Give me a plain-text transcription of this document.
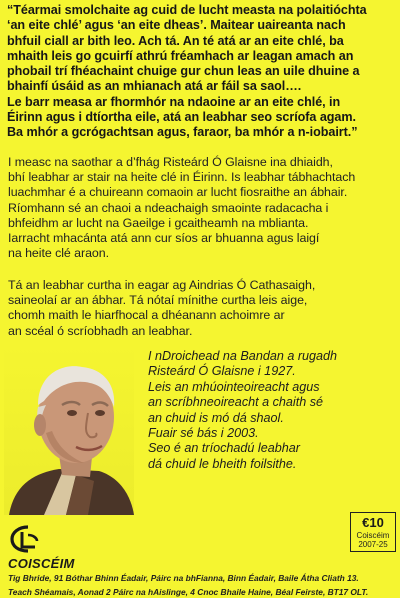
“Téarmai smolchaite ag cuid de lucht measta na polaitióchta

‘an eite chlé’ agus ‘an eite dheas’. Maitear uaireanta nach

bhfuil ciall ar bith leo. Ach tá. An té atá ar an eite chlé, ba

mhaith leis go gcuirfí athrú fréamhach ar leagan amach an

phobail trí fhéachaint chuige gur chun leas an uile dhuine a

bhainfí úsáid as an mhianach atá ar fáil sa saol….

Le barr measa ar fhormhór na ndaoine ar an eite chlé, in

Éirinn agus i dtíortha eile, atá an leabhar seo scríofa agam.

Ba mhór a gcrógachtsan agus, faraor, ba mhór a n-iobairt.”

I measc na saothar a d’fhág Risteárd Ó Glaisne ina dhiaidh,

bhí leabhar ar stair na heite clé in Éirinn. Is leabhar tábhachtach

luachmhar é a chuireann comaoin ar lucht fiosraithe an ábhair.

Ríomhann sé an chaoi a ndeachaigh smaointe radacacha i

bhfeidhm ar lucht na Gaeilge i gcaitheamh na mblianta.

Iarracht mhacánta atá ann cur síos ar bhuanna agus laigí

na heite clé araon.

Tá an leabhar curtha in eagar ag Aindrias Ó Cathasaigh,

saineolaí ar an ábhar. Tá nótaí mínithe curtha leis aige,

chomh maith le hiarfhocal a dhéanann achoimre ar

an scéal ó scríobhadh an leabhar.

I nDroichead na Bandan a rugadh

Risteárd Ó Glaisne i 1927.

Leis an mhúointeoireacht agus

an scríbhneoireacht a chaith sé

an chuid is mó dá shaol.

Fuair sé bás i 2003.

Seo é an tríochadú leabhar

dá chuid le bheith foilsithe.

COISCÉIM
Tig Bhride, 91 Bóthar Bhinn Éadair, Páirc na bhFianna, Binn Éadair, Baile Átha Cliath 13.
Teach Shéamais, Aonad 2 Páirc na hAislinge, 4 Cnoc Bhaile Haine, Béal Feirste, BT17 OLT.
€10
Coiscéim
2007-25
